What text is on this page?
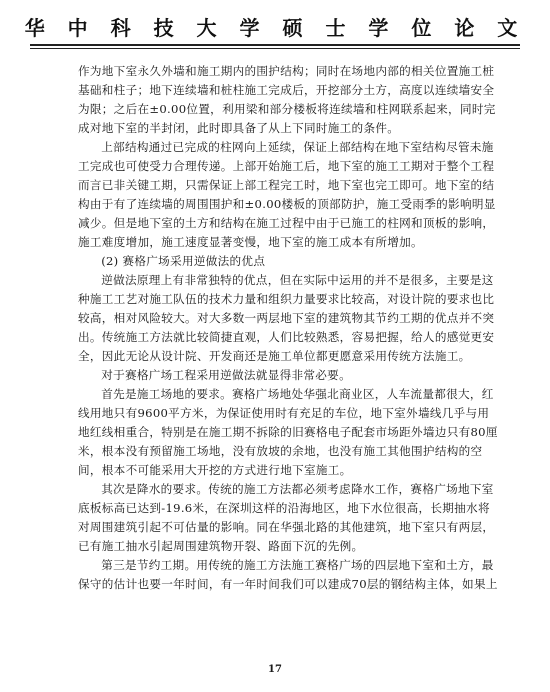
华 中 科 技 大 学 硕 士 学 位 论 文

作为地下室永久外墙和施工期内的围护结构；同时在场地内部的相关位置施工桩基础和柱子；地下连续墙和桩柱施工完成后，开挖部分土方，高度以连续墙安全为限；之后在±0.00位置，利用梁和部分楼板将连续墙和柱网联系起来，同时完成对地下室的半封闭，此时即具备了从上下同时施工的条件。

上部结构通过已完成的柱网向上延续，保证上部结构在地下室结构尽管未施工完成也可使受力合理传递。上部开始施工后，地下室的施工工期对于整个工程而言已非关键工期，只需保证上部工程完工时，地下室也完工即可。地下室的结构由于有了连续墙的周围围护和±0.00楼板的顶部防护，施工受雨季的影响明显减少。但是地下室的土方和结构在施工过程中由于已施工的柱网和顶板的影响，施工难度增加，施工速度显著变慢，地下室的施工成本有所增加。

(2) 赛格广场采用逆做法的优点

逆做法原理上有非常独特的优点，但在实际中运用的并不是很多，主要是这种施工工艺对施工队伍的技术力量和组织力量要求比较高，对设计院的要求也比较高，相对风险较大。对大多数一两层地下室的建筑物其节约工期的优点并不突出。传统施工方法就比较简捷直观，人们比较熟悉，容易把握，给人的感觉更安全，因此无论从设计院、开发商还是施工单位都更愿意采用传统方法施工。

对于赛格广场工程采用逆做法就显得非常必要。

首先是施工场地的要求。赛格广场地处华强北商业区，人车流量都很大，红线用地只有9600平方米，为保证使用时有充足的车位，地下室外墙线几乎与用地红线相重合，特别是在施工期不拆除的旧赛格电子配套市场距外墙边只有80厘米，根本没有预留施工场地，没有放坡的余地，也没有施工其他围护结构的空间，根本不可能采用大开挖的方式进行地下室施工。

其次是降水的要求。传统的施工方法都必须考虑降水工作，赛格广场地下室底板标高已达到-19.6米，在深圳这样的沿海地区，地下水位很高，长期抽水将对周围建筑引起不可估量的影响。同在华强北路的其他建筑，地下室只有两层，已有施工抽水引起周围建筑物开裂、路面下沉的先例。

第三是节约工期。用传统的施工方法施工赛格广场的四层地下室和土方，最保守的估计也要一年时间，有一年时间我们可以建成70层的钢结构主体，如果上

17
